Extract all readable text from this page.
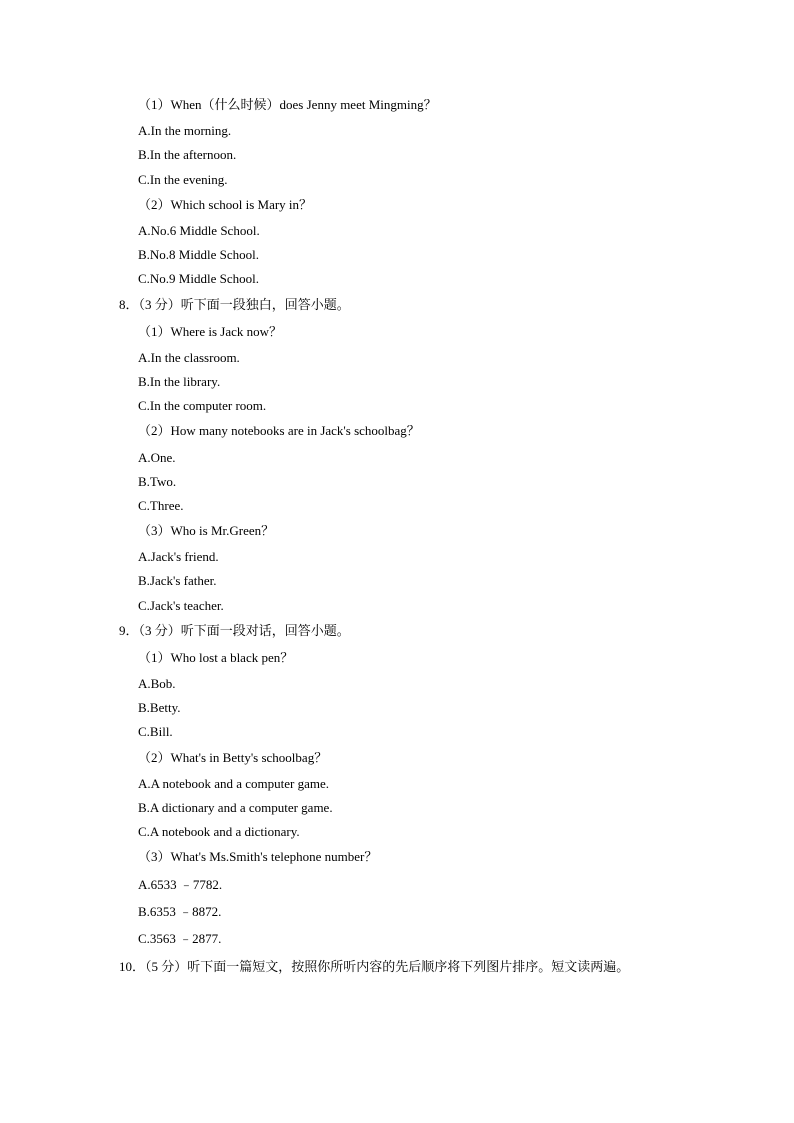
（1）When（什么时候）does Jenny meet Mingming？
A.In the morning.
B.In the afternoon.
C.In the evening.
（2）Which school is Mary in？
A.No.6 Middle School.
B.No.8 Middle School.
C.No.9 Middle School.
8．（3 分）听下面一段独白，回答小题。
（1）Where is Jack now？
A.In the classroom.
B.In the library.
C.In the computer room.
（2）How many notebooks are in Jack's schoolbag？
A.One.
B.Two.
C.Three.
（3）Who is Mr.Green？
A.Jack's friend.
B.Jack's father.
C.Jack's teacher.
9．（3 分）听下面一段对话，回答小题。
（1）Who lost a black pen？
A.Bob.
B.Betty.
C.Bill.
（2）What's in Betty's schoolbag？
A.A notebook and a computer game.
B.A dictionary and a computer game.
C.A notebook and a dictionary.
（3）What's Ms.Smith's telephone number？
A.6533 ﹣7782.
B.6353 ﹣8872.
C.3563 ﹣2877.
10．（5 分）听下面一篇短文，按照你所听内容的先后顺序将下列图片排序。短文读两遍。
